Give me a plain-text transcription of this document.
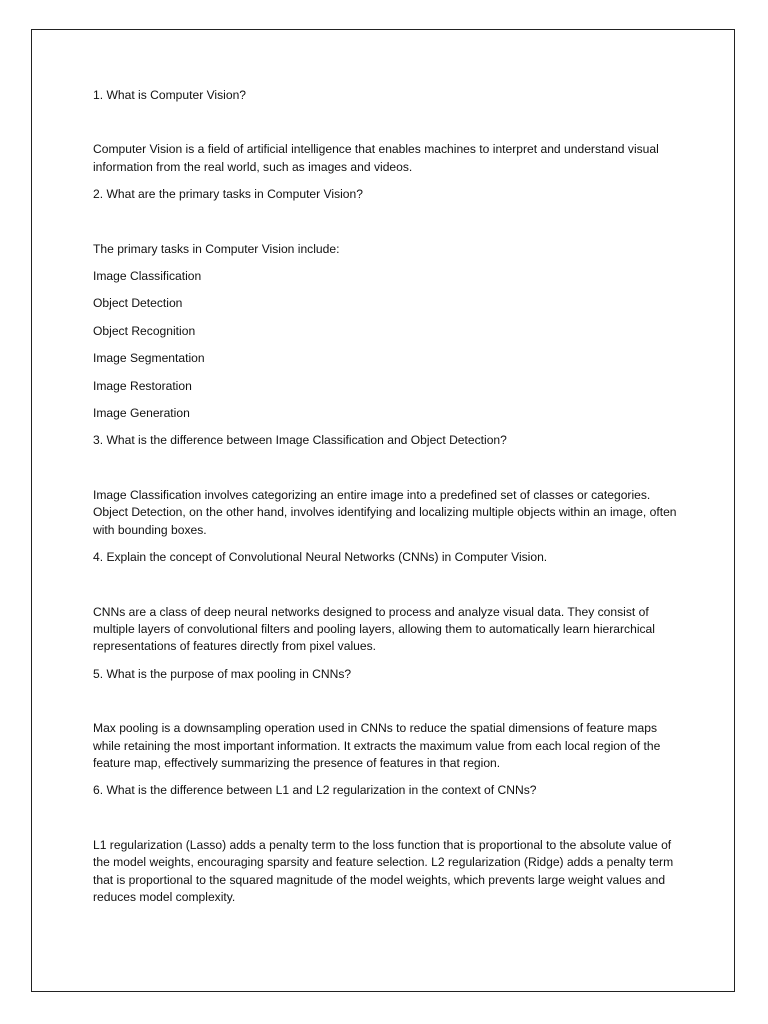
1. What is Computer Vision?

Computer Vision is a field of artificial intelligence that enables machines to interpret and understand visual information from the real world, such as images and videos.

2. What are the primary tasks in Computer Vision?

The primary tasks in Computer Vision include:

Image Classification

Object Detection

Object Recognition

Image Segmentation

Image Restoration

Image Generation

3. What is the difference between Image Classification and Object Detection?

Image Classification involves categorizing an entire image into a predefined set of classes or categories. Object Detection, on the other hand, involves identifying and localizing multiple objects within an image, often with bounding boxes.

4. Explain the concept of Convolutional Neural Networks (CNNs) in Computer Vision.

CNNs are a class of deep neural networks designed to process and analyze visual data. They consist of multiple layers of convolutional filters and pooling layers, allowing them to automatically learn hierarchical representations of features directly from pixel values.

5. What is the purpose of max pooling in CNNs?

Max pooling is a downsampling operation used in CNNs to reduce the spatial dimensions of feature maps while retaining the most important information. It extracts the maximum value from each local region of the feature map, effectively summarizing the presence of features in that region.

6. What is the difference between L1 and L2 regularization in the context of CNNs?

L1 regularization (Lasso) adds a penalty term to the loss function that is proportional to the absolute value of the model weights, encouraging sparsity and feature selection. L2 regularization (Ridge) adds a penalty term that is proportional to the squared magnitude of the model weights, which prevents large weight values and reduces model complexity.
